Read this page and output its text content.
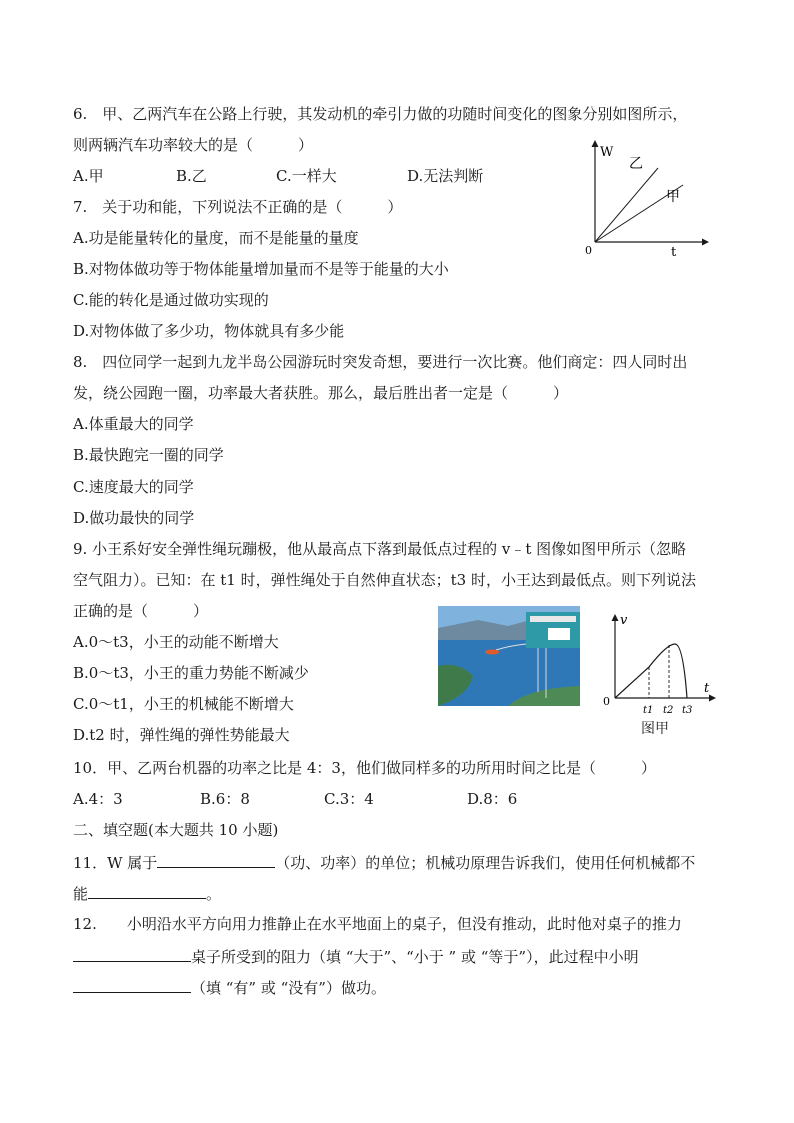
6.　甲、乙两汽车在公路上行驶，其发动机的牵引力做的功随时间变化的图象分别如图所示，
则两辆汽车功率较大的是（　　　）
A.甲	B.乙	C.一样大	D.无法判断
W
t
0
乙
甲
7.　关于功和能，下列说法不正确的是（　　　）
A.功是能量转化的量度，而不是能量的量度
B.对物体做功等于物体能量增加量而不是等于能量的大小
C.能的转化是通过做功实现的
D.对物体做了多少功，物体就具有多少能
8.　四位同学一起到九龙半岛公园游玩时突发奇想，要进行一次比赛。他们商定：四人同时出
发，绕公园跑一圈，功率最大者获胜。那么，最后胜出者一定是（　　　）
A.体重最大的同学
B.最快跑完一圈的同学
C.速度最大的同学
D.做功最快的同学
9. 小王系好安全弹性绳玩蹦极，他从最高点下落到最低点过程的 v﹣t 图像如图甲所示（忽略
空气阻力）。已知：在 t1 时，弹性绳处于自然伸直状态；t3 时，小王达到最低点。则下列说法
正确的是（　　　）
A.0～t3，小王的动能不断增大
B.0～t3，小王的重力势能不断减少
C.0～t1，小王的机械能不断增大
D.t2 时，弹性绳的弹性势能最大
v
t
0
t1 t2 t3
图甲
10．甲、乙两台机器的功率之比是 4：3，他们做同样多的功所用时间之比是（　　　）
A.4：3	B.6：8	C.3：4	D.8：6
二、填空题(本大题共 10 小题)
11．W 属于	（功、功率）的单位；机械功原理告诉我们，使用任何机械都不
能	。
12.　　小明沿水平方向用力推静止在水平地面上的桌子，但没有推动，此时他对桌子的推力
桌子所受到的阻力（填 “大于”、“小于 ” 或 “等于”），此过程中小明
（填 “有” 或 “没有”）做功。
